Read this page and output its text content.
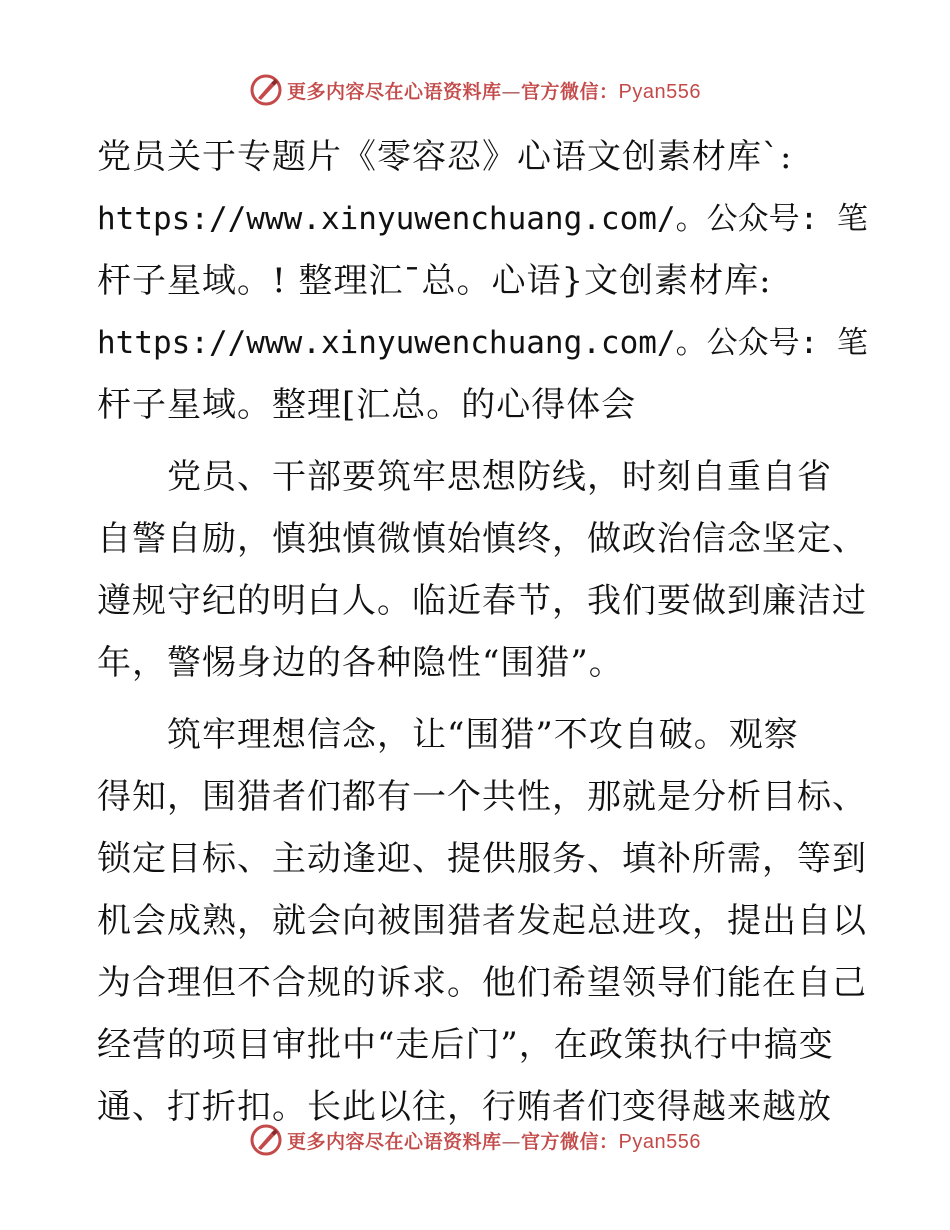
更多内容尽在心语资料库—官方微信：Pyan556
党员关于专题片《零容忍》心语文创素材库`:
https://www.xinyuwenchuang.com/。公众号: 笔
杆子星域。! 整理汇¯总。心语}文创素材库:
https://www.xinyuwenchuang.com/。公众号: 笔
杆子星域。整理[汇总。的心得体会
　　党员、干部要筑牢思想防线，时刻自重自省
自警自励，慎独慎微慎始慎终，做政治信念坚定、
遵规守纪的明白人。临近春节，我们要做到廉洁过
年，警惕身边的各种隐性“围猎”。
　　筑牢理想信念，让“围猎”不攻自破。观察
得知，围猎者们都有一个共性，那就是分析目标、
锁定目标、主动逢迎、提供服务、填补所需，等到
机会成熟，就会向被围猎者发起总进攻，提出自以
为合理但不合规的诉求。他们希望领导们能在自己
经营的项目审批中“走后门”，在政策执行中搞变
通、打折扣。长此以往，行贿者们变得越来越放
更多内容尽在心语资料库—官方微信：Pyan556
